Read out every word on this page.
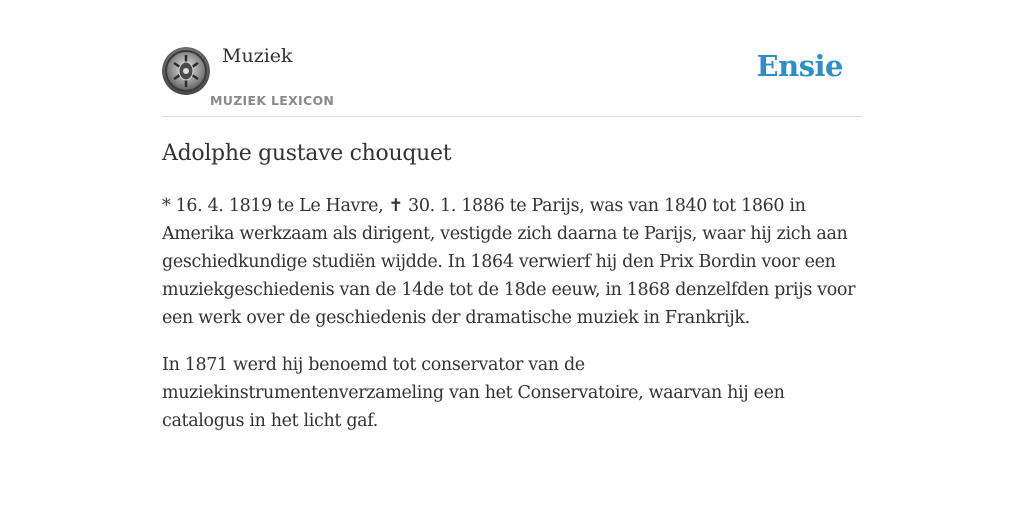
Muziek
MUZIEK LEXICON
Ensie
Adolphe gustave chouquet

* 16. 4. 1819 te Le Havre, ✝ 30. 1. 1886 te Parijs, was van 1840 tot 1860 in Amerika werkzaam als dirigent, vestigde zich daarna te Parijs, waar hij zich aan geschiedkundige studiën wijdde. In 1864 verwierf hij den Prix Bordin voor een muziekgeschiedenis van de 14de tot de 18de eeuw, in 1868 denzelfden prijs voor een werk over de geschiedenis der dramatische muziek in Frankrijk.

In 1871 werd hij benoemd tot conservator van de muziekinstrumentenverzameling van het Conservatoire, waarvan hij een catalogus in het licht gaf.
